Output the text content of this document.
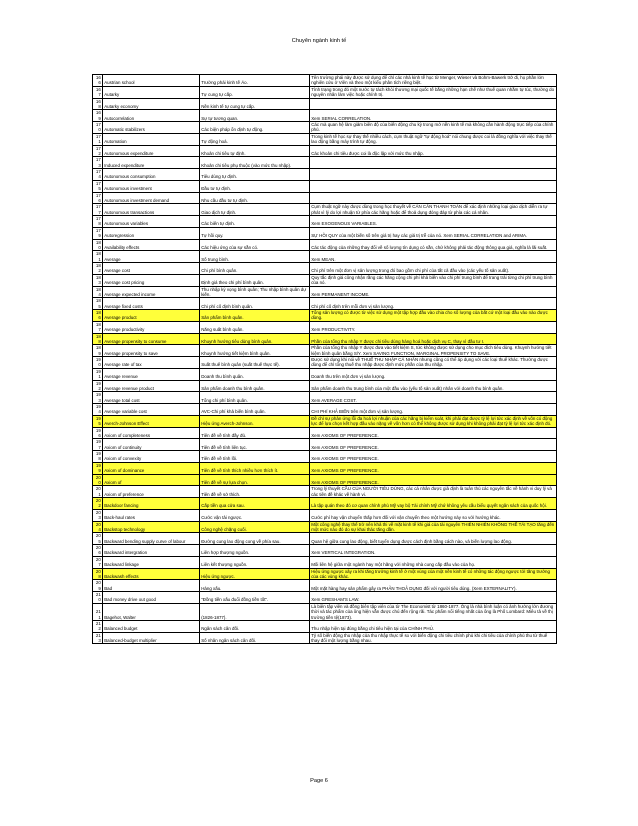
Chuyên ngành kinh tế
166	Austrian school	Trường phái kinh tế Áo.	Tên trường phái này được sử dụng để chỉ các nhà kinh tế học từ Menger, Wieser và Bohm-Bawerk trở đi, họ phần lớn nghiên cứu ở Viên và theo một kiểu phân tích riêng biệt.
167	Autarky	Tự cung tự cấp.	Tình trạng trong đó một nước tự tách khỏi thương mại quốc tế bằng những hạn chế như thuế quan nhằm tự túc, thường do nguyên nhân làm việc hoặc chính trị.
168	Autarky economy	Nền kinh tế tự cung tự cấp.	
169	Autocorrelation	Sự tự tương quan.	Xem SERIAL CORRELATION.
170	Automatic stabilizers	Các biện pháp ổn định tự động.	Các mà quan hệ làm giảm biên độ của biến động chu kỳ trong mở nền kinh tế mà không cần hành động trực tiếp của chính phủ.
171	Automation	Tự động hoá.	Trong kinh tế học sự thay thế nhiều cách, cụm thuật ngữ "tự động hoá" nói chung được coi là đồng nghĩa với việc thay thế lao động bằng máy trình tự động.
172	Autonomous expenditure	Khoản chi tiêu tự định.	Các khoản chi tiêu được coi là độc lập với mức thu nhập.
173	Induced expenditure	Khoản chi tiêu phụ thuộc (vào mức thu nhập).	
174	Autonomous consumption	Tiêu dùng tự định.	
175	Autonomous investment	Đầu tư tự định.	
176	Autonomous investment demand	Nhu cầu đầu tư tự định.	
177	Autonomous transactions	Giao dịch tự định.	Cụm thuật ngữ này được dùng trong học thuyết về CÁN CÂN THANH TOÁN để xác định những loại giao dịch diễn ra tự phát vì lý do lợi nhuận từ phía các hãng hoặc để thoả dụng đóng đáp từ phía các cá nhân.
178	Autonomous variables	Các biến tự định.	Xem EXOGENOUS VARIABLES.
179	Autoregression	Tự hồi quy.	SỰ HỒI QUY của một biến số trên giá trị hay các giá trị trễ của nó. Xem SERIAL CORRELATION and ARIMA.
180	Availability effects	Các hiệu ứng của sự sẵn có.	Các tác động của những thay đổi về số lượng tín dụng có sẵn, chứ không phải tác động thông qua giá, nghĩa là lãi suất.
181	Average	Số trung bình.	Xem MEAN.
182	Average cost	Chi phí bình quân.	Chi phí trên một đơn vị sản lượng trong đó bao gồm chi phí của tất cả đầu vào (các yếu tố sản xuất).
183	Average cost pricing	Định giá theo chi phí bình quân.	Quy tắc định giá công nhận rằng các hãng cộng chi phí khả biến vào chi phí trung bình để trang trải từng chi phí trung bình của nó.
184	Average expected income	Thu nhập kỳ vọng bình quân; Thu nhập bình quân dự kiến.	Xem PERMANENT INCOME.
185	Average fixed costs	Chi phí cố định bình quân.	Chi phí cố định trên mỗi đơn vị sản lượng.
186	Average product	Sản phẩm bình quân.	Tổng sản lượng có được từ việc sử dụng một tập hợp đầu vào chia cho số lượng của bất cứ một loại đầu vào nào được dùng.
187	Average productivity	Năng suất bình quân.	Xem PRODUCTIVITY.
188	Average propensity to consume	Khuynh hướng tiêu dùng bình quân.	Phần của tổng thu nhập Y được chi tiêu dùng hàng hoá hoặc dịch vụ C, thay vì đầu tư I.
189	Average propensity to save	Khuynh hướng tiết kiệm bình quân.	Phần của tổng thu nhập Y được đưa vào tiết kiệm S, tức không được sử dụng cho mục đích tiêu dùng. Khuynh hướng tiết kiệm bình quân bằng S/Y. Xem SAVING FUNCTION, MARGINAL PROPENSITY TO SAVE.
190	Average rate of tax	Suất thuế bình quân (suất thuế thực tế).	Được sử dụng khi nói về THUẾ THU NHẬP CÁ NHÂN nhưng cũng có thể áp dụng với các loại thuế khác. Thường được dùng để chỉ tổng thuế thu nhập được định mức phần của thu nhập.
191	Average revenue	Doanh thu bình quân.	Doanh thu trên một đơn vị sản lượng.
192	Average revenue product	Sản phẩm doanh thu bình quân.	Sản phẩm doanh thu trung bình của một đầu vào (yếu tố sản xuất) nhân với doanh thu bình quân.
193	Average total cost	Tổng chi phí bình quân.	Xem AVERAGE COST.
194	Average variable cost	AVC-Chi phí khả biến bình quân.	CHI PHÍ KHẢ BIẾN trên một đơn vị sản lượng.
195	Averch-Johnson Effect	Hiệu ứng Averch-Johnson.	Đề chỉ sự phản ứng lỗi đa hoá lợi nhuận của các hãng bị kiểm soát, khi phải đạt được tỷ lệ lợi tức xác định về vốn có động lực để lựa chọn kết hợp đầu vào nặng về vốn hơn có thể không được sử dụng khi không phải đạt tỷ lệ lợi tức xác định đó.
196	Axiom of completeness	Tiên đề về tính đầy đủ.	Xem AXIOMS OF PREFERENCE.
197	Axiom of continuity	Tiên đề về tính liên tục.	Xem AXIOMS OF PREFERENCE.
198	Axiom of convexity	Tiên đề về tính lồi.	Xem AXIOMS OF PREFERENCE.
199	Axiom of dominance	Tiên đề về tính thích nhiều hơn thích ít.	Xem AXIOMS OF PREFERENCE.
200	Axiom of	Tiên đề về sự lựa chọn.	Xem AXIOMS OF PREFERENCE.
201	Axiom of preference	Tiên đề về sở thích.	Trong lý thuyết CẦU CỦA NGƯỜI TIÊU DÙNG, các cá nhân được giả định là tuân thủ các nguyên tắc về hành vi duy lý và các tiên đề khác về hành vi.
202	Backdoor fancing	Cấp tiền qua cửa sau.	Là tập quán theo đó cơ quan chính phủ Mỹ vay bộ Tài chính Mỹ chứ không yêu cầu biểu quyết ngân sách của quốc hội.
203	Back-haul rates	Cước vận tải ngược.	Cước phí hay vận chuyển thấp hơn đối với vận chuyển theo một hướng này so với hướng khác.
204	Backstop technology	Công nghệ chặng cuối.	Một công nghệ thay thế trở nên khả thi về mặt kinh tế khi giá của tài nguyên THIÊN NHIÊN KHÔNG THỂ TÁI TẠO tăng đến một mức nào đó do sự khai thác tăng dần.
205	Backward bending supply curve of labour	Đường cung lao động cong về phía sau.	Quan hệ giữa cung lao động, biết tuyển dụng được cách định bằng cách nào, và biến lượng lao động.
206	Backward intergration	Liên hợp thượng nguồn.	Xem VERTICAL INTEGRATION.
207	Backward linkage	Liên kết thượng nguồn.	Mối liên hệ giữa một ngành hay một hãng với những nhà cung cấp đầu vào của họ.
208	Backwash effects	Hiệu ứng ngược.	Hiệu ứng ngược xảy ra khi tăng trưởng kinh tế ở một vùng của một nền kinh tế có những tác động ngược tới tăng trưởng của các vùng khác.
209	Bad	Hàng xấu.	Một mặt hàng hay sản phẩm gây ra PHẢN THOẢ DỤNG đối với người tiêu dùng. (Xem EXTERNALITY).
210	Bad money drive out good	"Đồng tiền xấu đuổi đồng tiền tốt".	Xem GRESHAM'S LAW.
211	Bagehot, Walter	(1826-1877).	Là biên tập viên và đồng biên tập viên của tờ The Economist từ 1860-1877. Ông là nhà bình luận có ảnh hưởng lớn đương thời và tác phẩm của ông hiện vẫn được chú đến rộng rãi. Tác phẩm nổi tiếng nhất của ông là Phố Lombard: Miêu tả về thị trường tiền tệ(1873).
212	Balanced budget	Ngân sách cân đối.	Thu nhập hiện tại đúng bằng chi tiêu hiện tại của CHÍNH PHỦ.
213	Balanced-budget multiplier	Số nhân ngân sách cân đối.	Tỷ số biến động thu nhập của thu nhập thực tế so với biến động chi tiêu chính phủ khi chi tiêu của chính phủ thu từ thuế thay đổi một lượng bằng nhau.
Page 6
